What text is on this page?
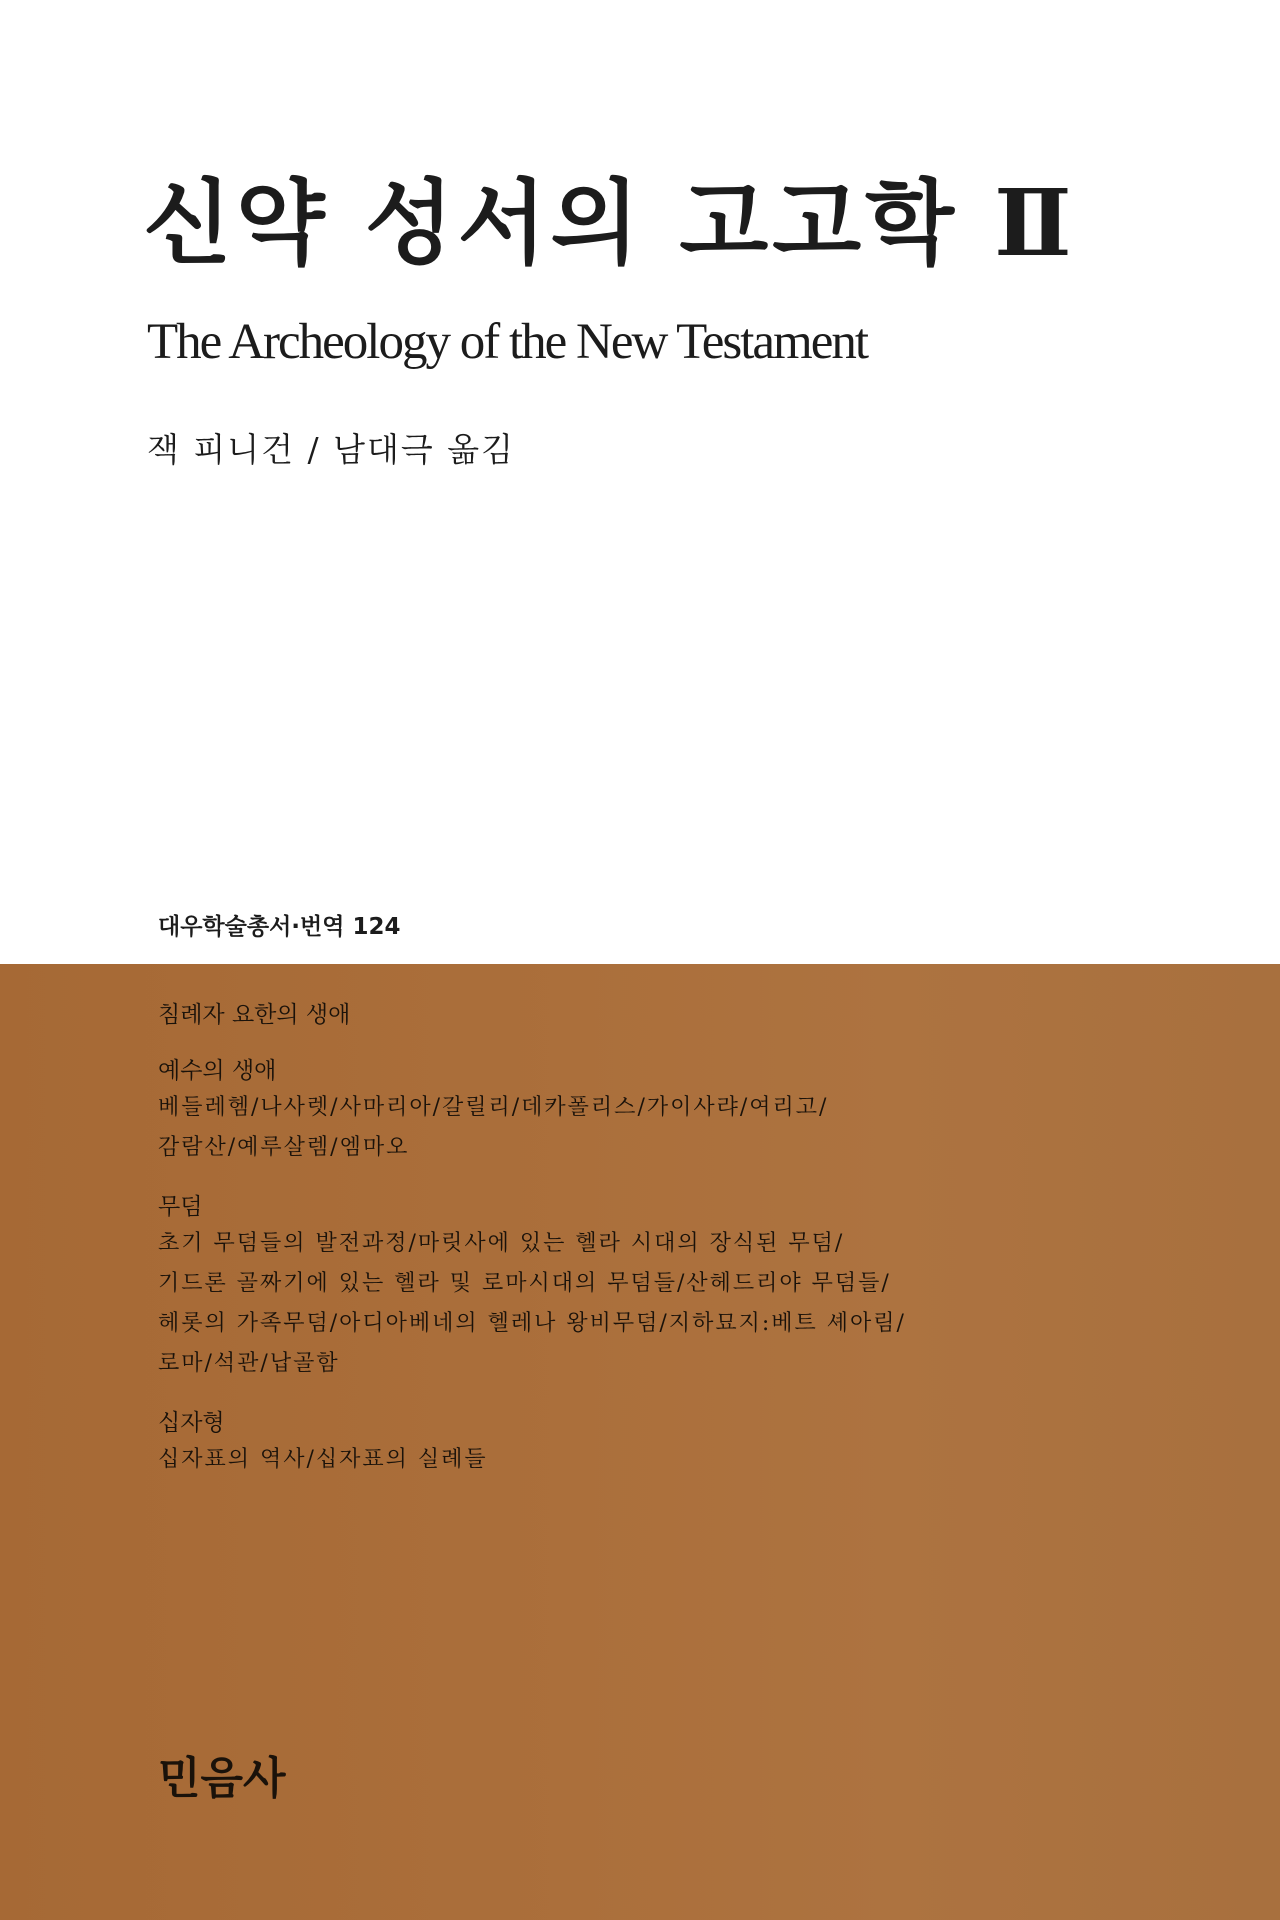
신약 성서의 고고학 Ⅱ
The Archeology of the New Testament
잭 피니건 / 남대극 옮김
대우학술총서·번역 124
침례자 요한의 생애
예수의 생애
베들레헴/나사렛/사마리아/갈릴리/데카폴리스/가이사랴/여리고/
감람산/예루살렘/엠마오
무덤
초기 무덤들의 발전과정/마릿사에 있는 헬라 시대의 장식된 무덤/
기드론 골짜기에 있는 헬라 및 로마시대의 무덤들/산헤드리야 무덤들/
헤롯의 가족무덤/아디아베네의 헬레나 왕비무덤/지하묘지:베트 셰아림/
로마/석관/납골함
십자형
십자표의 역사/십자표의 실례들
민음사
